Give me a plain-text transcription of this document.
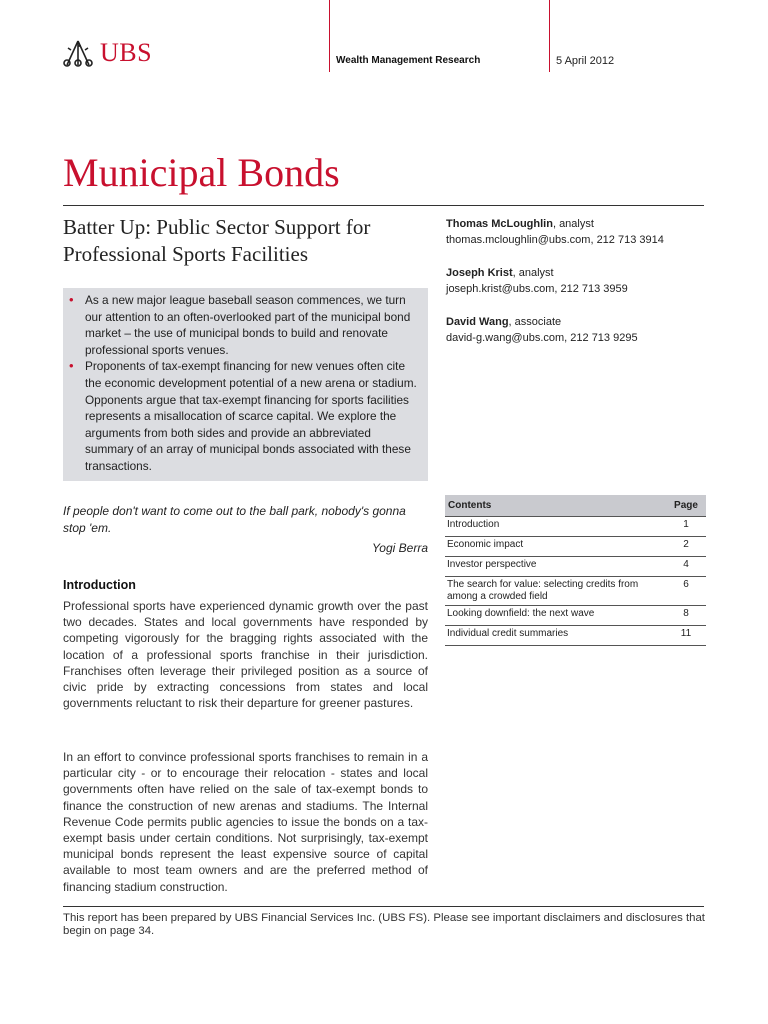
UBS	Wealth Management Research	5 April 2012
Municipal Bonds
Batter Up: Public Sector Support for Professional Sports Facilities
• As a new major league baseball season commences, we turn our attention to an often-overlooked part of the municipal bond market – the use of municipal bonds to build and renovate professional sports venues.
• Proponents of tax-exempt financing for new venues often cite the economic development potential of a new arena or stadium. Opponents argue that tax-exempt financing for sports facilities represents a misallocation of scarce capital. We explore the arguments from both sides and provide an abbreviated summary of an array of municipal bonds associated with these transactions.
Thomas McLoughlin, analyst
thomas.mcloughlin@ubs.com, 212 713 3914
Joseph Krist, analyst
joseph.krist@ubs.com, 212 713 3959
David Wang, associate
david-g.wang@ubs.com, 212 713 9295
If people don't want to come out to the ball park, nobody's gonna stop 'em.
Yogi Berra
Introduction
Professional sports have experienced dynamic growth over the past two decades. States and local governments have responded by competing vigorously for the bragging rights associated with the location of a professional sports franchise in their jurisdiction. Franchises often leverage their privileged position as a source of civic pride by extracting concessions from states and local governments reluctant to risk their departure for greener pastures.
In an effort to convince professional sports franchises to remain in a particular city - or to encourage their relocation - states and local governments often have relied on the sale of tax-exempt bonds to finance the construction of new arenas and stadiums. The Internal Revenue Code permits public agencies to issue the bonds on a tax-exempt basis under certain conditions. Not surprisingly, tax-exempt municipal bonds represent the least expensive source of capital available to most team owners and are the preferred method of financing stadium construction.
Contents	Page
Introduction	1
Economic impact	2
Investor perspective	4
The search for value: selecting credits from among a crowded field	6
Looking downfield: the next wave	8
Individual credit summaries	11
This report has been prepared by UBS Financial Services Inc. (UBS FS). Please see important disclaimers and disclosures that begin on page 34.
